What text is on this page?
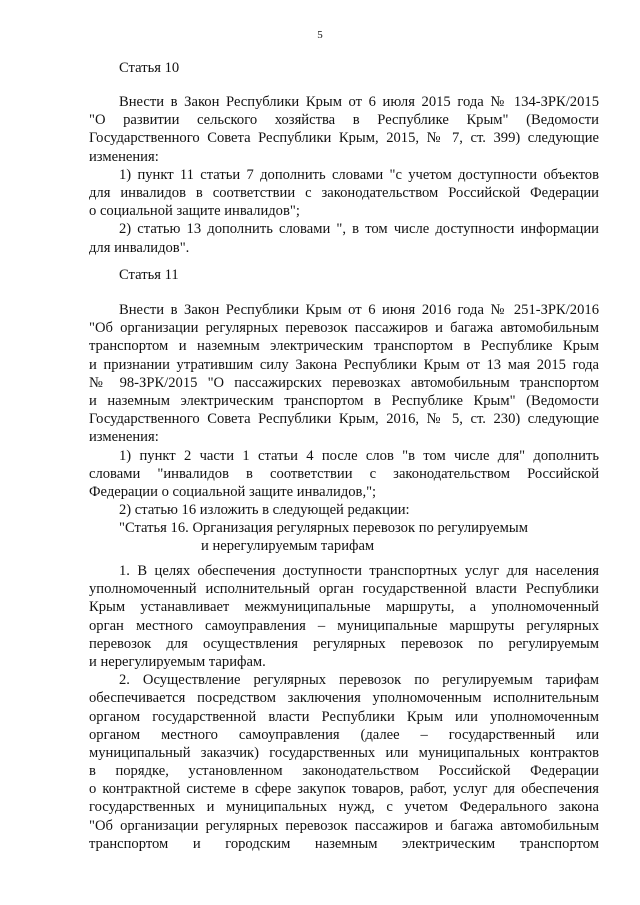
5
Статья 10
Внести в Закон Республики Крым от 6 июля 2015 года № 134-ЗРК/2015
"О развитии сельского хозяйства в Республике Крым" (Ведомости
Государственного Совета Республики Крым, 2015, № 7, ст. 399) следующие
изменения:
1) пункт 11 статьи 7 дополнить словами "с учетом доступности объектов
для инвалидов в соответствии с законодательством Российской Федерации
о социальной защите инвалидов";
2) статью 13 дополнить словами ", в том числе доступности информации
для инвалидов".
Статья 11
Внести в Закон Республики Крым от 6 июня 2016 года № 251-ЗРК/2016
"Об организации регулярных перевозок пассажиров и багажа автомобильным
транспортом и наземным электрическим транспортом в Республике Крым
и признании утратившим силу Закона Республики Крым от 13 мая 2015 года
№ 98-ЗРК/2015 "О пассажирских перевозках автомобильным транспортом
и наземным электрическим транспортом в Республике Крым" (Ведомости
Государственного Совета Республики Крым, 2016, № 5, ст. 230) следующие
изменения:
1) пункт 2 части 1 статьи 4 после слов "в том числе для" дополнить
словами "инвалидов в соответствии с законодательством Российской
Федерации о социальной защите инвалидов,";
2) статью 16 изложить в следующей редакции:
"Статья 16. Организация регулярных перевозок по регулируемым
и нерегулируемым тарифам
1. В целях обеспечения доступности транспортных услуг для населения
уполномоченный исполнительный орган государственной власти Республики
Крым устанавливает межмуниципальные маршруты, а уполномоченный
орган местного самоуправления – муниципальные маршруты регулярных
перевозок для осуществления регулярных перевозок по регулируемым
и нерегулируемым тарифам.
2. Осуществление регулярных перевозок по регулируемым тарифам
обеспечивается посредством заключения уполномоченным исполнительным
органом государственной власти Республики Крым или уполномоченным
органом местного самоуправления (далее – государственный или
муниципальный заказчик) государственных или муниципальных контрактов
в порядке, установленном законодательством Российской Федерации
о контрактной системе в сфере закупок товаров, работ, услуг для обеспечения
государственных и муниципальных нужд, с учетом Федерального закона
"Об организации регулярных перевозок пассажиров и багажа автомобильным
транспортом и городским наземным электрическим транспортом
